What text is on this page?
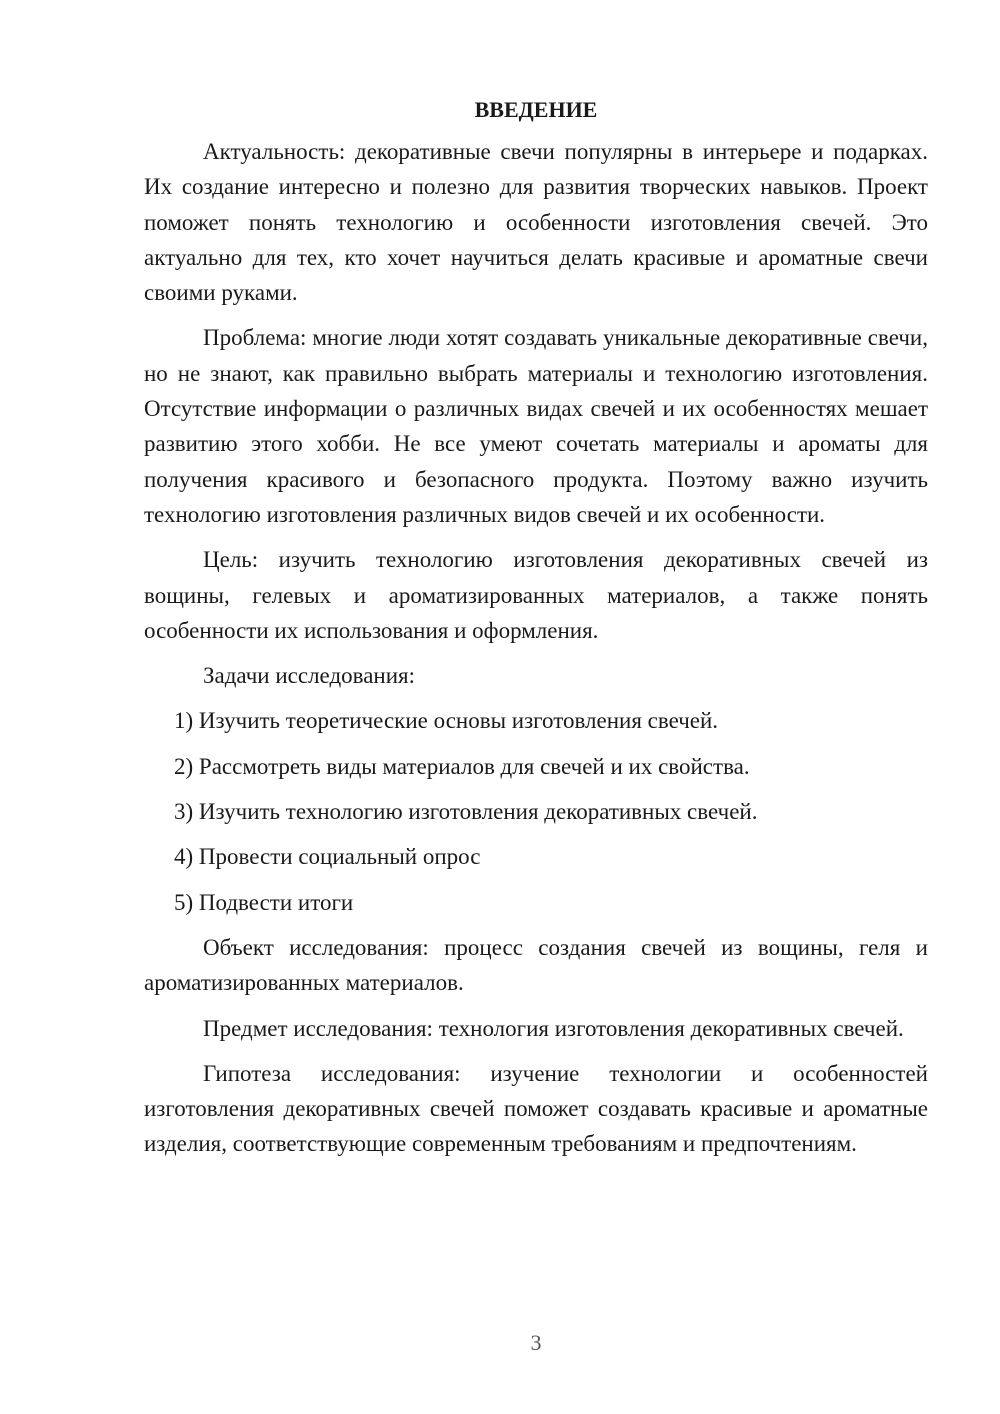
ВВЕДЕНИЕ

Актуальность: декоративные свечи популярны в интерьере и подарках. Их создание интересно и полезно для развития творческих навыков. Проект поможет понять технологию и особенности изготовления свечей. Это актуально для тех, кто хочет научиться делать красивые и ароматные свечи своими руками.

Проблема: многие люди хотят создавать уникальные декоративные свечи, но не знают, как правильно выбрать материалы и технологию изготовления. Отсутствие информации о различных видах свечей и их особенностях мешает развитию этого хобби. Не все умеют сочетать материалы и ароматы для получения красивого и безопасного продукта. Поэтому важно изучить технологию изготовления различных видов свечей и их особенности.

Цель: изучить технологию изготовления декоративных свечей из вощины, гелевых и ароматизированных материалов, а также понять особенности их использования и оформления.

Задачи исследования:

1) Изучить теоретические основы изготовления свечей.
2) Рассмотреть виды материалов для свечей и их свойства.
3) Изучить технологию изготовления декоративных свечей.
4) Провести социальный опрос
5) Подвести итоги

Объект исследования: процесс создания свечей из вощины, геля и ароматизированных материалов.

Предмет исследования: технология изготовления декоративных свечей.

Гипотеза исследования: изучение технологии и особенностей изготовления декоративных свечей поможет создавать красивые и ароматные изделия, соответствующие современным требованиям и предпочтениям.

3
